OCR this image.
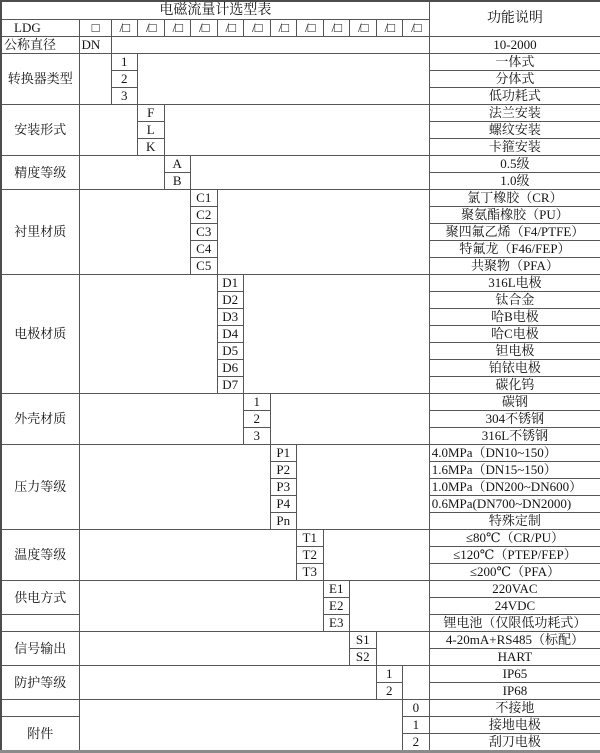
电磁流量计选型表														功能说明
LDG	□	/□	/□	/□	/□	/□	/□	/□	/□	/□	/□	/□	/□	
公称直径	DN													10-2000
转换器类型		1												一体式
		2												分体式
		3												低功耗式
安装形式			F											法兰安装
			L											螺纹安装
			K											卡箍安装
精度等级				A										0.5级
				B										1.0级
衬里材质					C1									氯丁橡胶（CR）
					C2									聚氨酯橡胶（PU）
					C3									聚四氟乙烯（F4/PTFE）
					C4									特氟龙（F46/FEP）
					C5									共聚物（PFA）
电极材质						D1								316L电极
						D2								钛合金
						D3								哈B电极
						D4								哈C电极
						D5								钽电极
						D6								铂铱电极
						D7								碳化钨
外壳材质							1							碳钢
							2							304不锈钢
							3							316L不锈钢
压力等级								P1						4.0MPa（DN10~150）
								P2						1.6MPa（DN15~150）
								P3						1.0MPa（DN200~DN600）
								P4						0.6MPa(DN700~DN2000)
								Pn						特殊定制
温度等级									T1					≤80℃（CR/PU）
									T2					≤120℃（PTEP/FEP）
									T3					≤200℃（PFA）
供电方式										E1				220VAC
										E2				24VDC
										E3				锂电池（仅限低功耗式）
信号输出											S1			4-20mA+RS485（标配）
											S2			HART
防护等级												1		IP65
												2		IP68
													0	不接地
附件													1	接地电极
													2	刮刀电极
